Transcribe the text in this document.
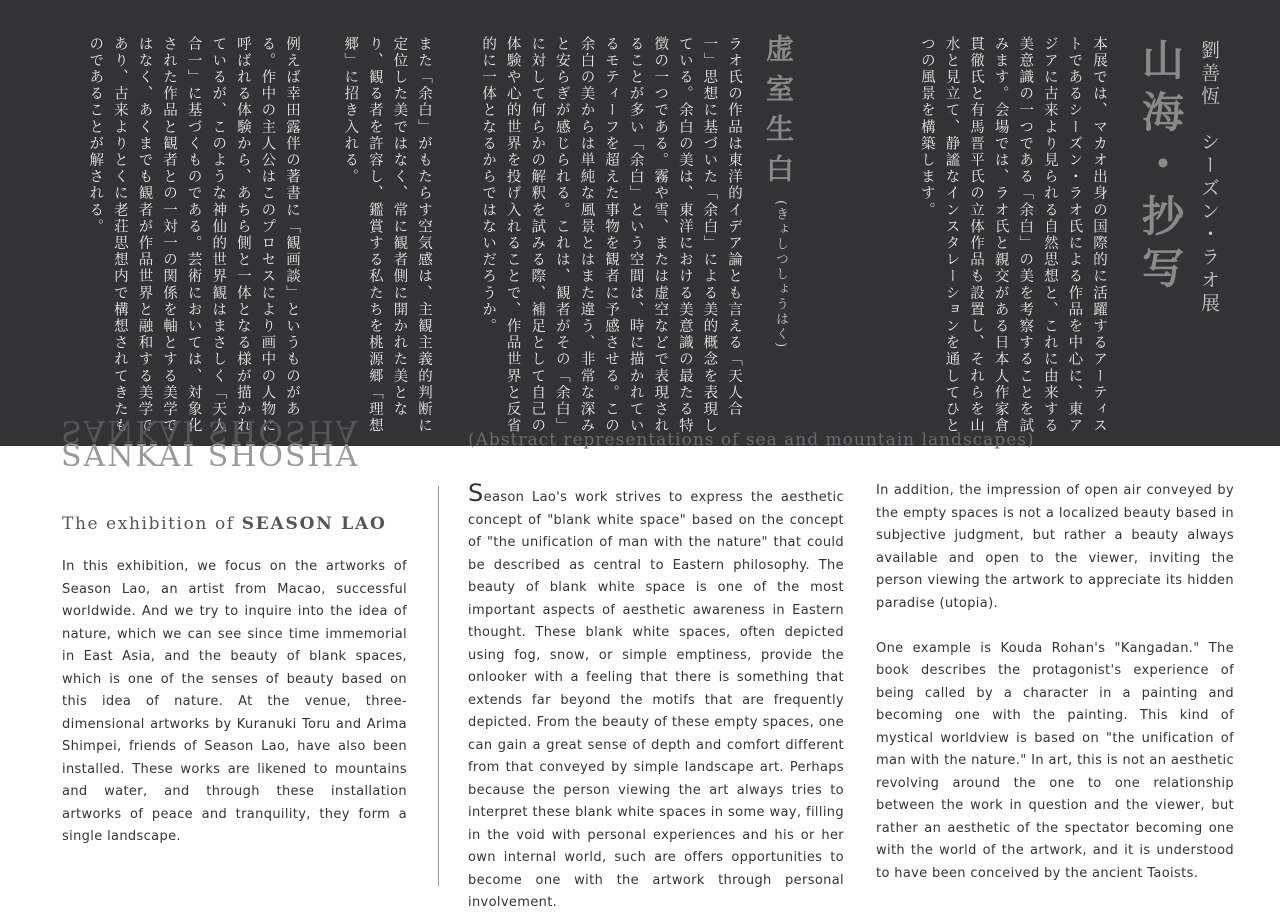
劉善恆　シーズン・ラオ展
山海・抄写
本展では、マカオ出身の国際的に活躍するアーティストであるシーズン・ラオ氏による作品を中心に、東アジアに古来より見られる自然思想と、これに由来する美意識の一つである「余白」の美を考察することを試みます。会場では、ラオ氏と親交がある日本人作家倉貫徹氏と有馬晋平氏の立体作品も設置し、それらを山水と見立て、静謐なインスタレーションを通してひとつの風景を構築します。
虚室生白
(きょしつしょうはく)
ラオ氏の作品は東洋的イデア論とも言える「天人合一」思想に基づいた「余白」による美的概念を表現している。余白の美は、東洋における美意識の最たる特徴の一つである。霧や雪、または虚空などで表現されることが多い「余白」という空間は、時に描かれているモティーフを超えた事物を観者に予感させる。この余白の美からは単純な風景とはまた違う、非常な深みと安らぎが感じられる。これは、観者がその「余白」に対して何らかの解釈を試みる際、補足として自己の体験や心的世界を投げ入れることで、作品世界と反省的に一体となるからではないだろうか。
また「余白」がもたらす空気感は、主観主義的判断に定位した美ではなく、常に観者側に開かれた美となり、観る者を許容し、鑑賞する私たちを桃源郷「理想郷」に招き入れる。
例えば幸田露伴の著書に「観画談」というものがある。作中の主人公はこのプロセスにより画中の人物に呼ばれる体験から、あちら側と一体となる様が描かれているが、このような神仙的世界観はまさしく「天人合一」に基づくものである。芸術においては、対象化された作品と観者との一対一の関係を軸とする美学ではなく、あくまでも観者が作品世界と融和する美学であり、古来よりとくに老荘思想内で構想されてきたものであることが解される。
SANKAI SHOSHA
SANKAI SHOSHA	(Abstract representations of sea and mountain landscapes)
The exhibition of SEASON LAO

In this exhibition, we focus on the artworks of Season Lao, an artist from Macao, successful worldwide. And we try to inquire into the idea of nature, which we can see since time immemorial in East Asia, and the beauty of blank spaces, which is one of the senses of beauty based on this idea of nature. At the venue, three-dimensional artworks by Kuranuki Toru and Arima Shimpei, friends of Season Lao, have also been installed. These works are likened to mountains and water, and through these installation artworks of peace and tranquility, they form a single landscape.

Season Lao's work strives to express the aesthetic concept of "blank white space" based on the concept of "the unification of man with the nature" that could be described as central to Eastern philosophy. The beauty of blank white space is one of the most important aspects of aesthetic awareness in Eastern thought. These blank white spaces, often depicted using fog, snow, or simple emptiness, provide the onlooker with a feeling that there is something that extends far beyond the motifs that are frequently depicted. From the beauty of these empty spaces, one can gain a great sense of depth and comfort different from that conveyed by simple landscape art. Perhaps because the person viewing the art always tries to interpret these blank white spaces in some way, filling in the void with personal experiences and his or her own internal world, such are offers opportunities to become one with the artwork through personal involvement.

In addition, the impression of open air conveyed by the empty spaces is not a localized beauty based in subjective judgment, but rather a beauty always available and open to the viewer, inviting the person viewing the artwork to appreciate its hidden paradise (utopia).

One example is Kouda Rohan's "Kangadan." The book describes the protagonist's experience of being called by a character in a painting and becoming one with the painting. This kind of mystical worldview is based on "the unification of man with the nature." In art, this is not an aesthetic revolving around the one to one relationship between the work in question and the viewer, but rather an aesthetic of the spectator becoming one with the world of the artwork, and it is understood to have been conceived by the ancient Taoists.
